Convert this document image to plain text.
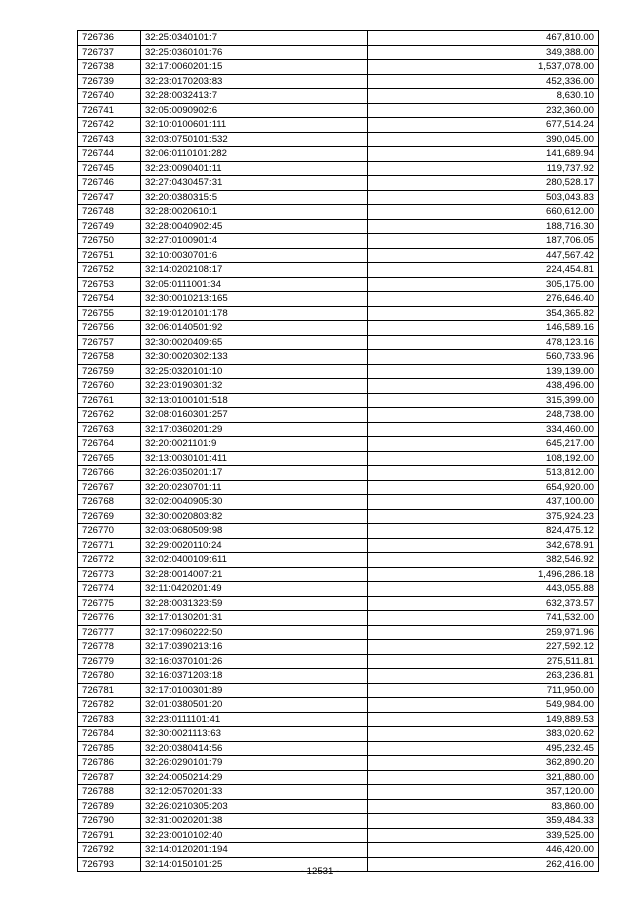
726736	32:25:0340101:7	467,810.00
726737	32:25:0360101:76	349,388.00
726738	32:17:0060201:15	1,537,078.00
726739	32:23:0170203:83	452,336.00
726740	32:28:0032413:7	8,630.10
726741	32:05:0090902:6	232,360.00
726742	32:10:0100601:111	677,514.24
726743	32:03:0750101:532	390,045.00
726744	32:06:0110101:282	141,689.94
726745	32:23:0090401:11	119,737.92
726746	32:27:0430457:31	280,528.17
726747	32:20:0380315:5	503,043.83
726748	32:28:0020610:1	660,612.00
726749	32:28:0040902:45	188,716.30
726750	32:27:0100901:4	187,706.05
726751	32:10:0030701:6	447,567.42
726752	32:14:0202108:17	224,454.81
726753	32:05:0111001:34	305,175.00
726754	32:30:0010213:165	276,646.40
726755	32:19:0120101:178	354,365.82
726756	32:06:0140501:92	146,589.16
726757	32:30:0020409:65	478,123.16
726758	32:30:0020302:133	560,733.96
726759	32:25:0320101:10	139,139.00
726760	32:23:0190301:32	438,496.00
726761	32:13:0100101:518	315,399.00
726762	32:08:0160301:257	248,738.00
726763	32:17:0360201:29	334,460.00
726764	32:20:0021101:9	645,217.00
726765	32:13:0030101:411	108,192.00
726766	32:26:0350201:17	513,812.00
726767	32:20:0230701:11	654,920.00
726768	32:02:0040905:30	437,100.00
726769	32:30:0020803:82	375,924.23
726770	32:03:0680509:98	824,475.12
726771	32:29:0020110:24	342,678.91
726772	32:02:0400109:611	382,546.92
726773	32:28:0014007:21	1,496,286.18
726774	32:11:0420201:49	443,055.88
726775	32:28:0031323:59	632,373.57
726776	32:17:0130201:31	741,532.00
726777	32:17:0960222:50	259,971.96
726778	32:17:0390213:16	227,592.12
726779	32:16:0370101:26	275,511.81
726780	32:16:0371203:18	263,236.81
726781	32:17:0100301:89	711,950.00
726782	32:01:0380501:20	549,984.00
726783	32:23:0111101:41	149,889.53
726784	32:30:0021113:63	383,020.62
726785	32:20:0380414:56	495,232.45
726786	32:26:0290101:79	362,890.20
726787	32:24:0050214:29	321,880.00
726788	32:12:0570201:33	357,120.00
726789	32:26:0210305:203	83,860.00
726790	32:31:0020201:38	359,484.33
726791	32:23:0010102:40	339,525.00
726792	32:14:0120201:194	446,420.00
726793	32:14:0150101:25	262,416.00
- 12531 -
